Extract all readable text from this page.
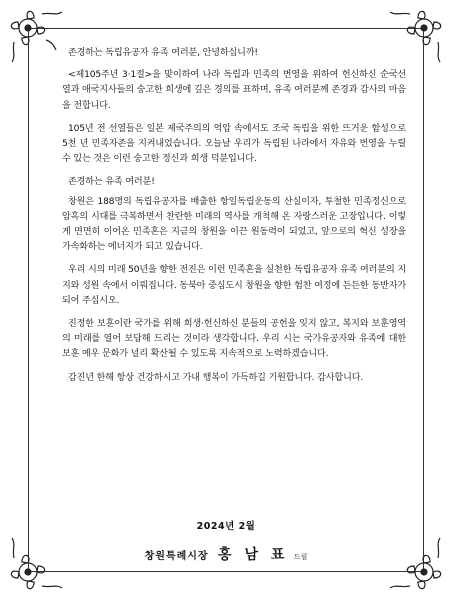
존경하는 독립유공자 유족 여러분, 안녕하십니까!

<제105주년 3·1절>을 맞이하여 나라 독립과 민족의 번영을 위하여 헌신하신 순국선열과 애국지사들의 숭고한 희생에 깊은 경의를 표하며, 유족 여러분께 존경과 감사의 마음을 전합니다.

105년 전 선열들은 일본 제국주의의 억압 속에서도 조국 독립을 위한 뜨거운 함성으로 5천 년 민족자존을 지켜내었습니다. 오늘날 우리가 독립된 나라에서 자유와 번영을 누릴 수 있는 것은 이런 숭고한 정신과 희생 덕분입니다.

존경하는 유족 여러분!

창원은 188명의 독립유공자를 배출한 항일독립운동의 산실이자, 투철한 민족정신으로 암흑의 시대를 극복하면서 찬란한 미래의 역사를 개척해 온 자랑스러운 고장입니다. 이렇게 면면히 이어온 민족혼은 지금의 창원을 이끈 원동력이 되었고, 앞으로의 혁신 성장을 가속화하는 에너지가 되고 있습니다.

우리 시의 미래 50년을 향한 전진은 이런 민족혼을 실천한 독립유공자 유족 여러분의 지지와 성원 속에서 이뤄집니다. 동북아 중심도시 창원을 향한 험찬 여정에 든든한 동반자가 되어 주십시오.

진정한 보훈이란 국가를 위해 희생·헌신하신 분들의 공헌을 잊지 않고, 복지와 보훈영역의 미래를 열어 보답해 드리는 것이라 생각합니다. 우리 시는 국가유공자와 유족에 대한 보훈 예우 문화가 널리 확산될 수 있도록 지속적으로 노력하겠습니다.

감진년 한해 항상 건강하시고 가내 행복이 가득하길 기원합니다. 감사합니다.

2024년 2월
창원특례시장 홍 남 표 드림
